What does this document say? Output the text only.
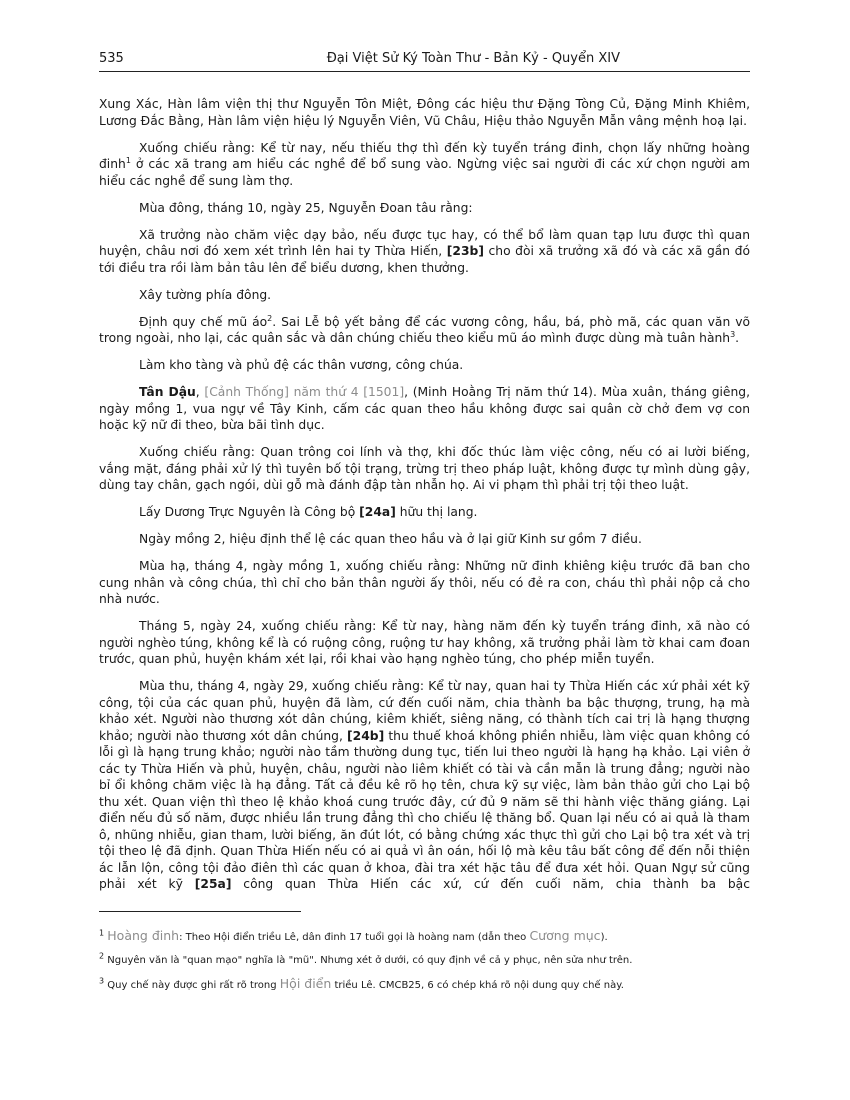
535	Đại Việt Sử Ký Toàn Thư - Bản Kỷ - Quyển XIV

Xung Xác, Hàn lâm viện thị thư Nguyễn Tôn Miệt, Đông các hiệu thư Đặng Tòng Củ, Đặng Minh Khiêm, Lương Đắc Bằng, Hàn lâm viện hiệu lý Nguyễn Viên, Vũ Châu, Hiệu thảo Nguyễn Mẫn vâng mệnh hoạ lại.

Xuống chiếu rằng: Kể từ nay, nếu thiếu thợ thì đến kỳ tuyển tráng đinh, chọn lấy những hoàng đinh$^1$ ở các xã trang am hiểu các nghề để bổ sung vào. Ngừng việc sai người đi các xứ chọn người am hiểu các nghề để sung làm thợ.

Mùa đông, tháng 10, ngày 25, Nguyễn Đoan tâu rằng:

Xã trưởng nào chăm việc dạy bảo, nếu được tục hay, có thể bổ làm quan tạp lưu được thì quan huyện, châu nơi đó xem xét trình lên hai ty Thừa Hiến, [23b] cho đòi xã trưởng xã đó và các xã gần đó tới điều tra rồi làm bản tâu lên để biểu dương, khen thưởng.

Xây tường phía đông.

Định quy chế mũ $áo^2$. Sai Lễ bộ yết bảng để các vương công, hầu, bá, phò mã, các quan văn võ trong ngoài, nho lại, các quân sắc và dân chúng chiếu theo kiểu mũ áo mình được dùng mà tuân hành$^3$.

Làm kho tàng và phủ đệ các thân vương, công chúa.

Tân Dậu, [Cảnh Thống] năm thứ 4 [1501], (Minh Hoằng Trị năm thứ 14). Mùa xuân, tháng giêng, ngày mồng 1, vua ngự về Tây Kinh, cấm các quan theo hầu không được sai quân cờ chở đem vợ con hoặc kỹ nữ đi theo, bừa bãi tình dục.

Xuống chiếu rằng: Quan trông coi lính và thợ, khi đốc thúc làm việc công, nếu có ai lười biếng, vắng mặt, đáng phải xử lý thì tuyên bố tội trạng, trừng trị theo pháp luật, không được tự mình dùng gậy, dùng tay chân, gạch ngói, dùi gỗ mà đánh đập tàn nhẫn họ. Ai vi phạm thì phải trị tội theo luật.

Lấy Dương Trực Nguyên là Công bộ [24a] hữu thị lang.

Ngày mồng 2, hiệu định thể lệ các quan theo hầu và ở lại giữ Kinh sư gồm 7 điều.

Mùa hạ, tháng 4, ngày mồng 1, xuống chiếu rằng: Những nữ đinh khiêng kiệu trước đã ban cho cung nhân và công chúa, thì chỉ cho bản thân người ấy thôi, nếu có đẻ ra con, cháu thì phải nộp cả cho nhà nước.

Tháng 5, ngày 24, xuống chiếu rằng: Kể từ nay, hàng năm đến kỳ tuyển tráng đinh, xã nào có người nghèo túng, không kể là có ruộng công, ruộng tư hay không, xã trưởng phải làm tờ khai cam đoan trước, quan phủ, huyện khám xét lại, rồi khai vào hạng nghèo túng, cho phép miễn tuyển.

Mùa thu, tháng 4, ngày 29, xuống chiếu rằng: Kể từ nay, quan hai ty Thừa Hiến các xứ phải xét kỹ công, tội của các quan phủ, huyện đã làm, cứ đến cuối năm, chia thành ba bậc thượng, trung, hạ mà khảo xét. Người nào thương xót dân chúng, kiêm khiết, siêng năng, có thành tích cai trị là hạng thượng khảo; người nào thương xót dân chúng, [24b] thu thuế khoá không phiền nhiễu, làm việc quan không có lỗi gì là hạng trung khảo; người nào tầm thường dung tục, tiến lui theo người là hạng hạ khảo. Lại viên ở các ty Thừa Hiến và phủ, huyện, châu, người nào liêm khiết có tài và cần mẫn là trung đẳng; người nào bỉ ổi không chăm việc là hạ đẳng. Tất cả đều kê rõ họ tên, chưa kỹ sự việc, làm bản thảo gửi cho Lại bộ thu xét. Quan viện thì theo lệ khảo khoá cung trước đây, cứ đủ 9 năm sẽ thi hành việc thăng giáng. Lại điển nếu đủ số năm, được nhiều lần trung đẳng thì cho chiếu lệ thăng bổ. Quan lại nếu có ai quả là tham ô, nhũng nhiễu, gian tham, lười biếng, ăn đút lót, có bằng chứng xác thực thì gửi cho Lại bộ tra xét và trị tội theo lệ đã định. Quan Thừa Hiến nếu có ai quả vì ân oán, hối lộ mà kêu tâu bất công để đến nỗi thiện ác lẫn lộn, công tội đảo điên thì các quan ở khoa, đài tra xét hặc tâu để đưa xét hỏi. Quan Ngự sử cũng phải xét kỹ [25a] công quan Thừa Hiến các xứ, cứ đến cuối năm, chia thành ba bậc

$^1$ Hoàng đinh: Theo Hội điển triều Lê, dân đinh 17 tuổi gọi là hoàng nam (dẫn theo Cương mục).
$^2$ Nguyên văn là "quan mạo" nghĩa là "mũ". Nhưng xét ở dưới, có quy định về cả y phục, nên sửa như trên.
$^3$ Quy chế này được ghi rất rõ trong Hội điển triều Lê. CMCB25, 6 có chép khá rõ nội dung quy chế này.
